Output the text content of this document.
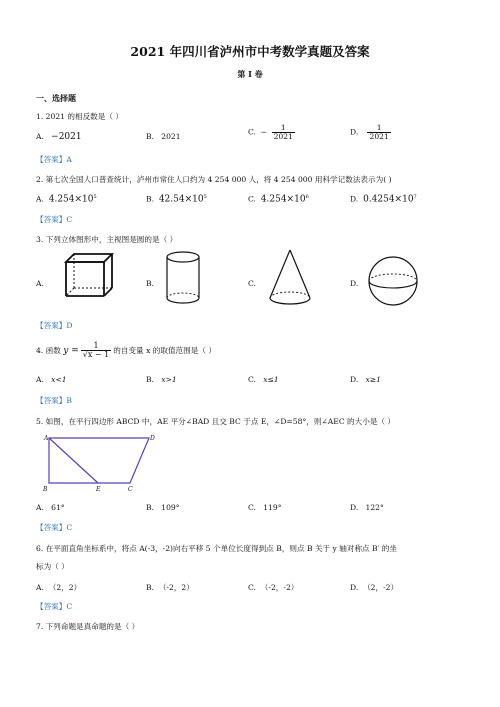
2021 年四川省泸州市中考数学真题及答案
第 I 卷
一、选择题
1. 2021 的相反数是（ ）
A. −2021	B. 2021
C. − $\frac{1}{2021}$	D. $\frac{1}{2021}$
【答案】A
2. 第七次全国人口普查统计，泸州市常住人口约为 4 254 000 人，将 4 254 000 用科学记数法表示为( )
A. $4.254\times 10^5$	B. $42.54\times 10^5$	C. $4.254\times 10^6$	D. $0.4254\times 10^7$
【答案】C
3. 下列立体图形中，主视图是圆的是（ ）
A.	B.	C.	D.
【答案】D
4. 函数
$y = \frac{1}{√x - 1}$ 的自变量 x 的取值范围是（ ）
A. x<1	B. x>1	C. x≤1	D. x≥1
【答案】B
5. 如图，在平行四边形 ABCD 中，AE 平分∠BAD 且交 BC 于点 E，∠D=58°，则∠AEC 的大小是（ ）
A	D
B	E	C
A. 61°	B. 109°	C. 119°	D. 122°
【答案】C
6. 在平面直角坐标系中，将点 A(-3，-2)向右平移 5 个单位长度得到点 B，则点 B 关于 y 轴对称点 B′ 的坐
标为（ ）
A. （2，2）	B. （-2，2）	C. （-2，-2）	D. （2，-2）
【答案】C
7. 下列命题是真命题的是（ ）
